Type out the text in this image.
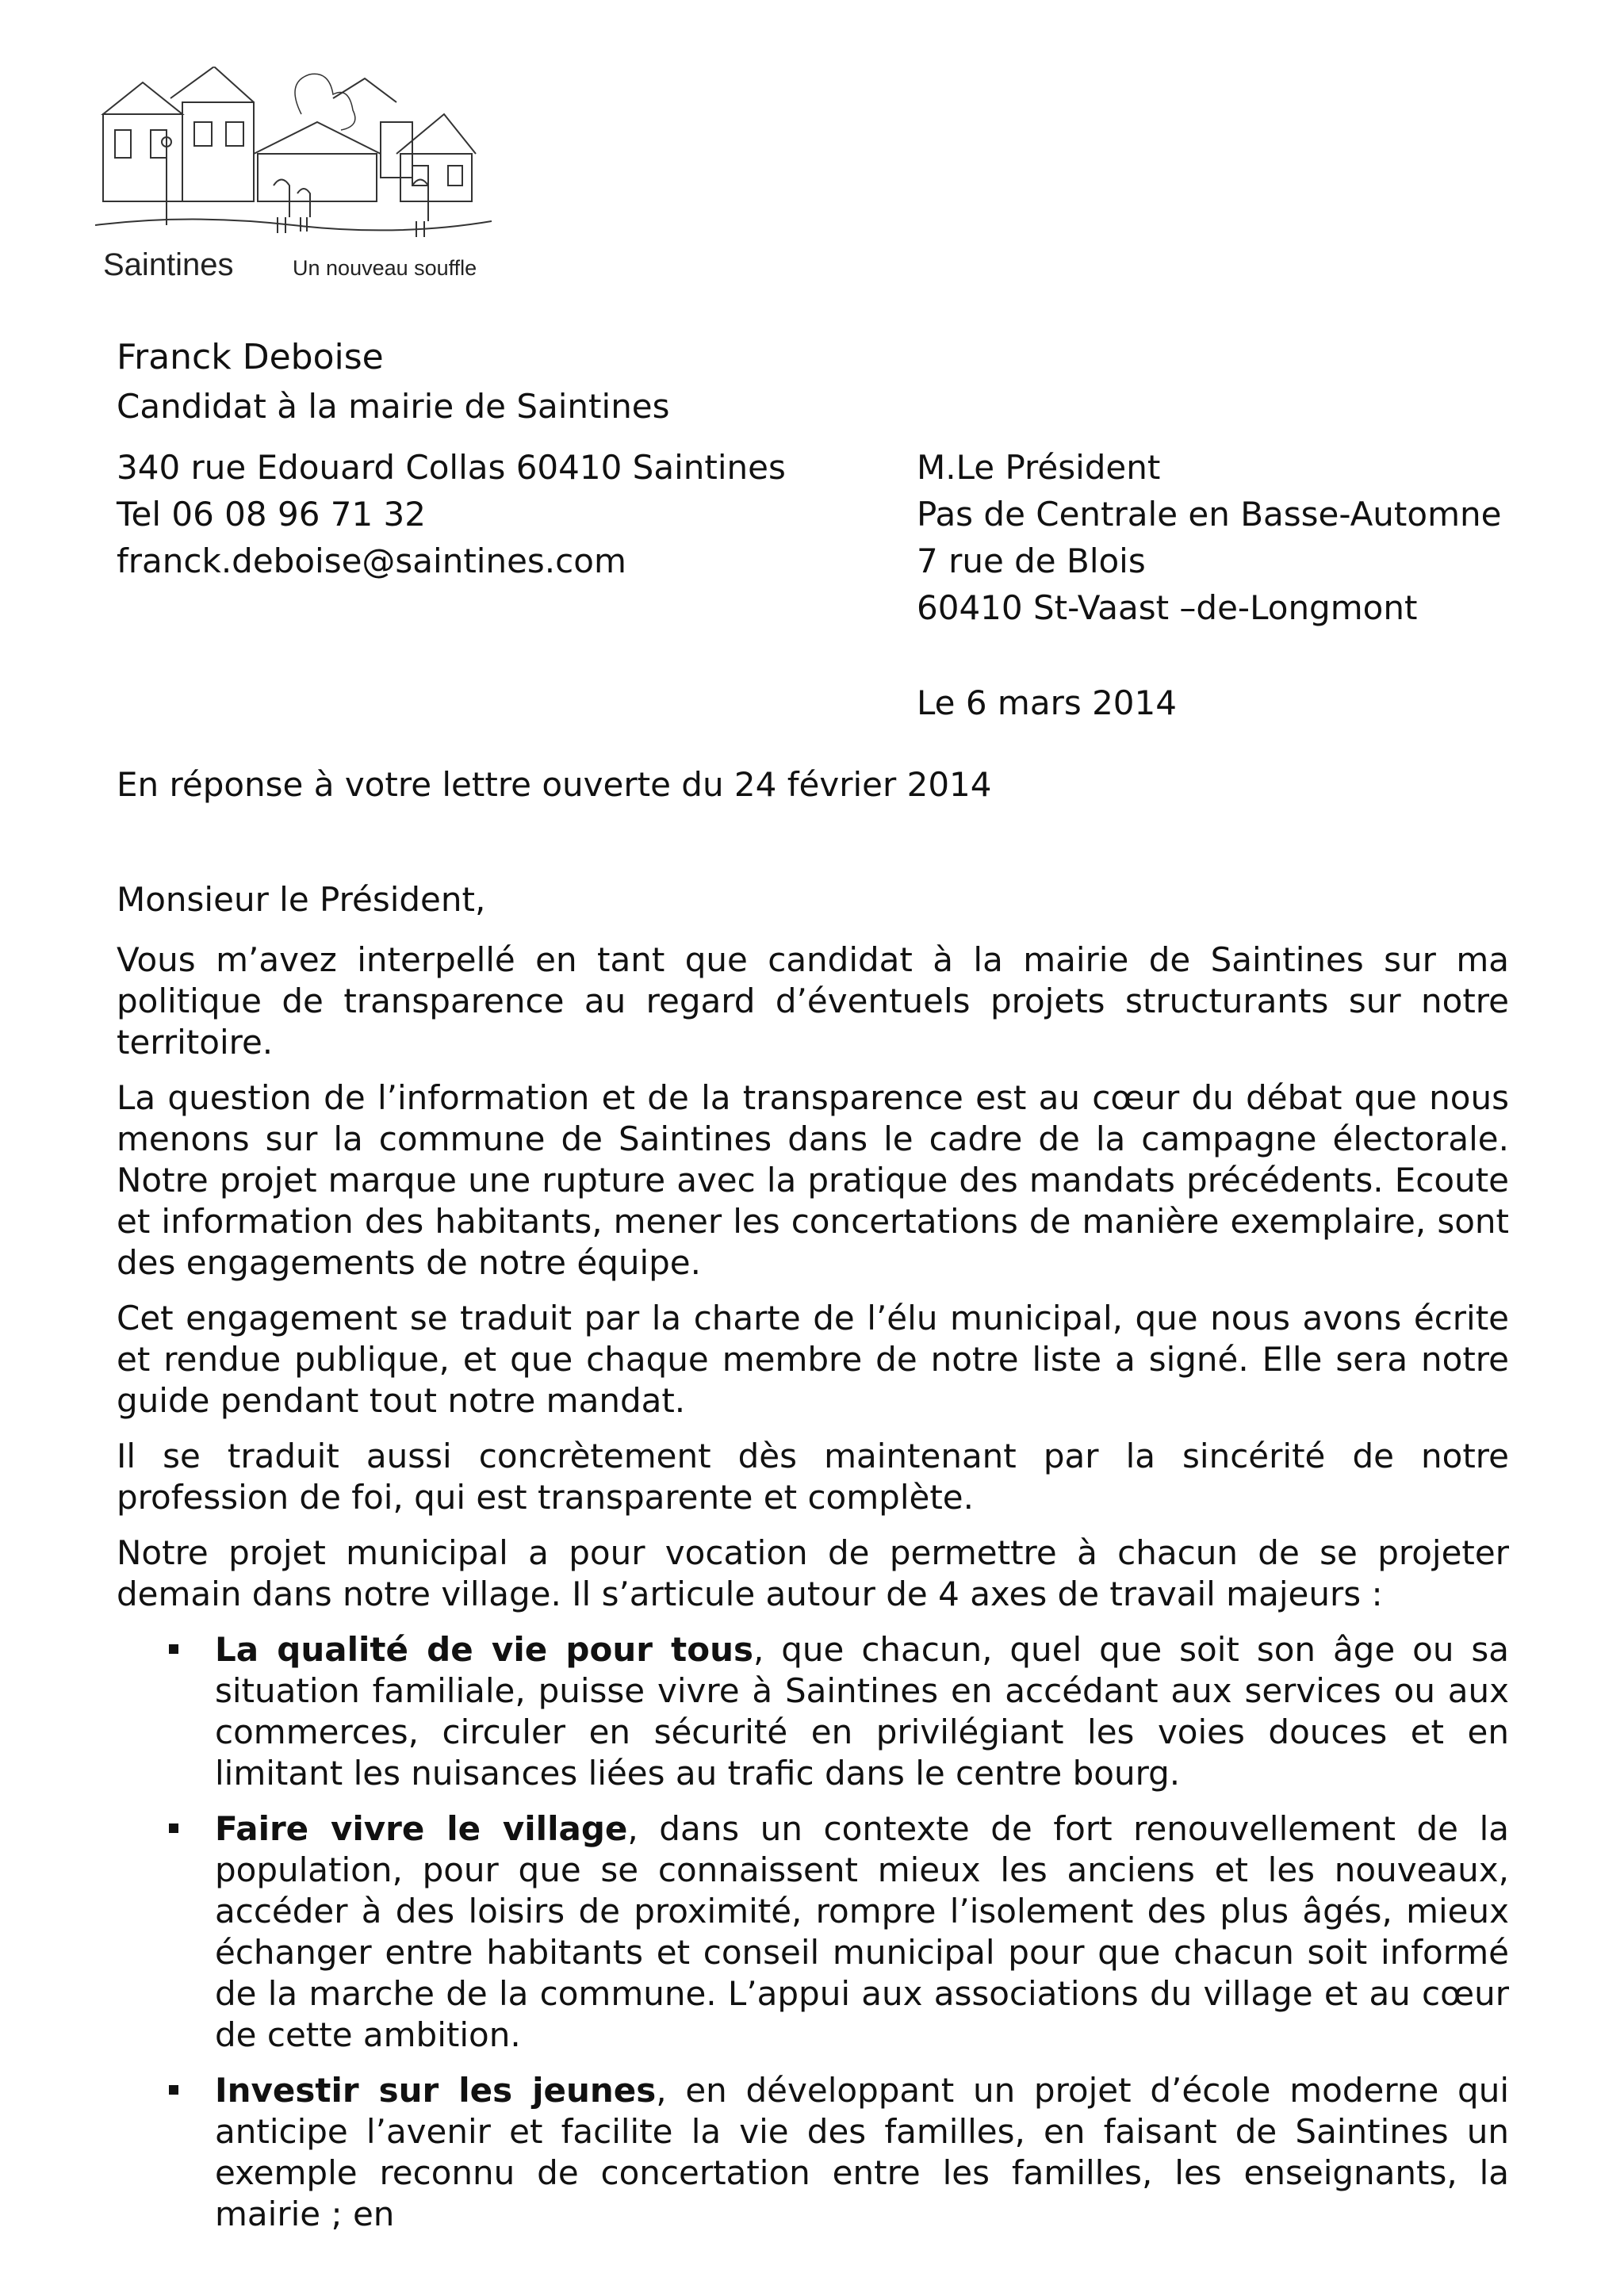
Saintines	Un nouveau souffle
Franck Deboise
Candidat à la mairie de Saintines
340 rue Edouard Collas 60410 Saintines
Tel 06 08 96 71 32
franck.deboise@saintines.com
M.Le Président
Pas de Centrale en Basse-Automne
7 rue de Blois
60410 St-Vaast –de-Longmont
Le 6 mars 2014
En réponse à votre lettre ouverte du 24 février 2014
Monsieur le Président,

Vous m’avez interpellé en tant que candidat à la mairie de Saintines sur ma politique de transparence au regard d’éventuels projets structurants sur notre territoire.

La question de l’information et de la transparence est au cœur du débat que nous menons sur la commune de Saintines dans le cadre de la campagne électorale. Notre projet marque une rupture avec la pratique des mandats précédents. Ecoute et information des habitants, mener les concertations de manière exemplaire, sont des engagements de notre équipe.

Cet engagement se traduit par la charte de l’élu municipal, que nous avons écrite et rendue publique, et que chaque membre de notre liste a signé. Elle sera notre guide pendant tout notre mandat.

Il se traduit aussi concrètement dès maintenant par la sincérité de notre profession de foi, qui est transparente et complète.

Notre projet municipal a pour vocation de permettre à chacun de se projeter demain dans notre village. Il s’articule autour de 4 axes de travail majeurs :

La qualité de vie pour tous, que chacun, quel que soit son âge ou sa situation familiale, puisse vivre à Saintines en accédant aux services ou aux commerces, circuler en sécurité en privilégiant les voies douces et en limitant les nuisances liées au trafic dans le centre bourg.
Faire vivre le village, dans un contexte de fort renouvellement de la population, pour que se connaissent mieux les anciens et les nouveaux, accéder à des loisirs de proximité, rompre l’isolement des plus âgés, mieux échanger entre habitants et conseil municipal pour que chacun soit informé de la marche de la commune. L’appui aux associations du village et au cœur de cette ambition.
Investir sur les jeunes, en développant un projet d’école moderne qui anticipe l’avenir et facilite la vie des familles, en faisant de Saintines un exemple reconnu de concertation entre les familles, les enseignants, la mairie ; en
